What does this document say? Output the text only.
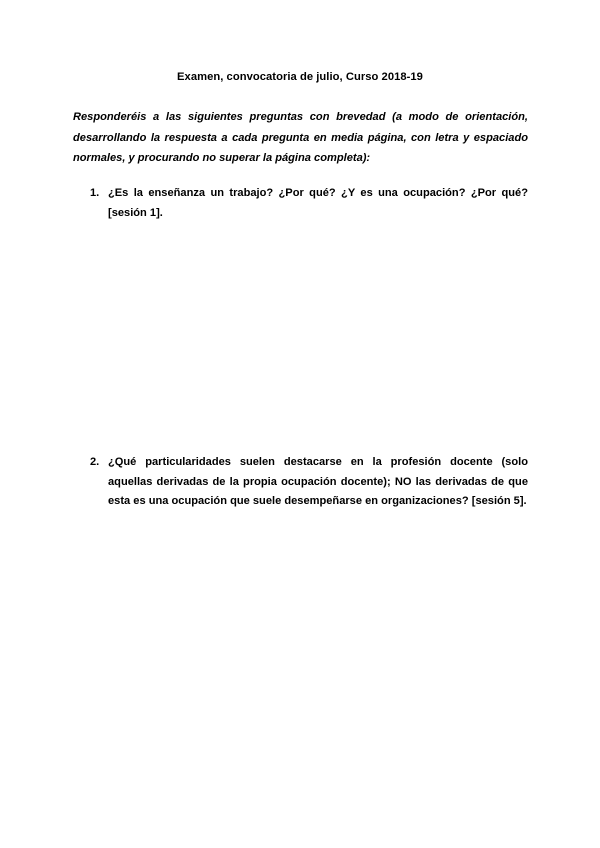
Examen, convocatoria de julio, Curso 2018-19
Responderéis a las siguientes preguntas con brevedad (a modo de orientación, desarrollando la respuesta a cada pregunta en media página, con letra y espaciado normales, y procurando no superar la página completa):
1. ¿Es la enseñanza un trabajo? ¿Por qué? ¿Y es una ocupación? ¿Por qué? [sesión 1].
2. ¿Qué particularidades suelen destacarse en la profesión docente (solo aquellas derivadas de la propia ocupación docente); NO las derivadas de que esta es una ocupación que suele desempeñarse en organizaciones? [sesión 5].
